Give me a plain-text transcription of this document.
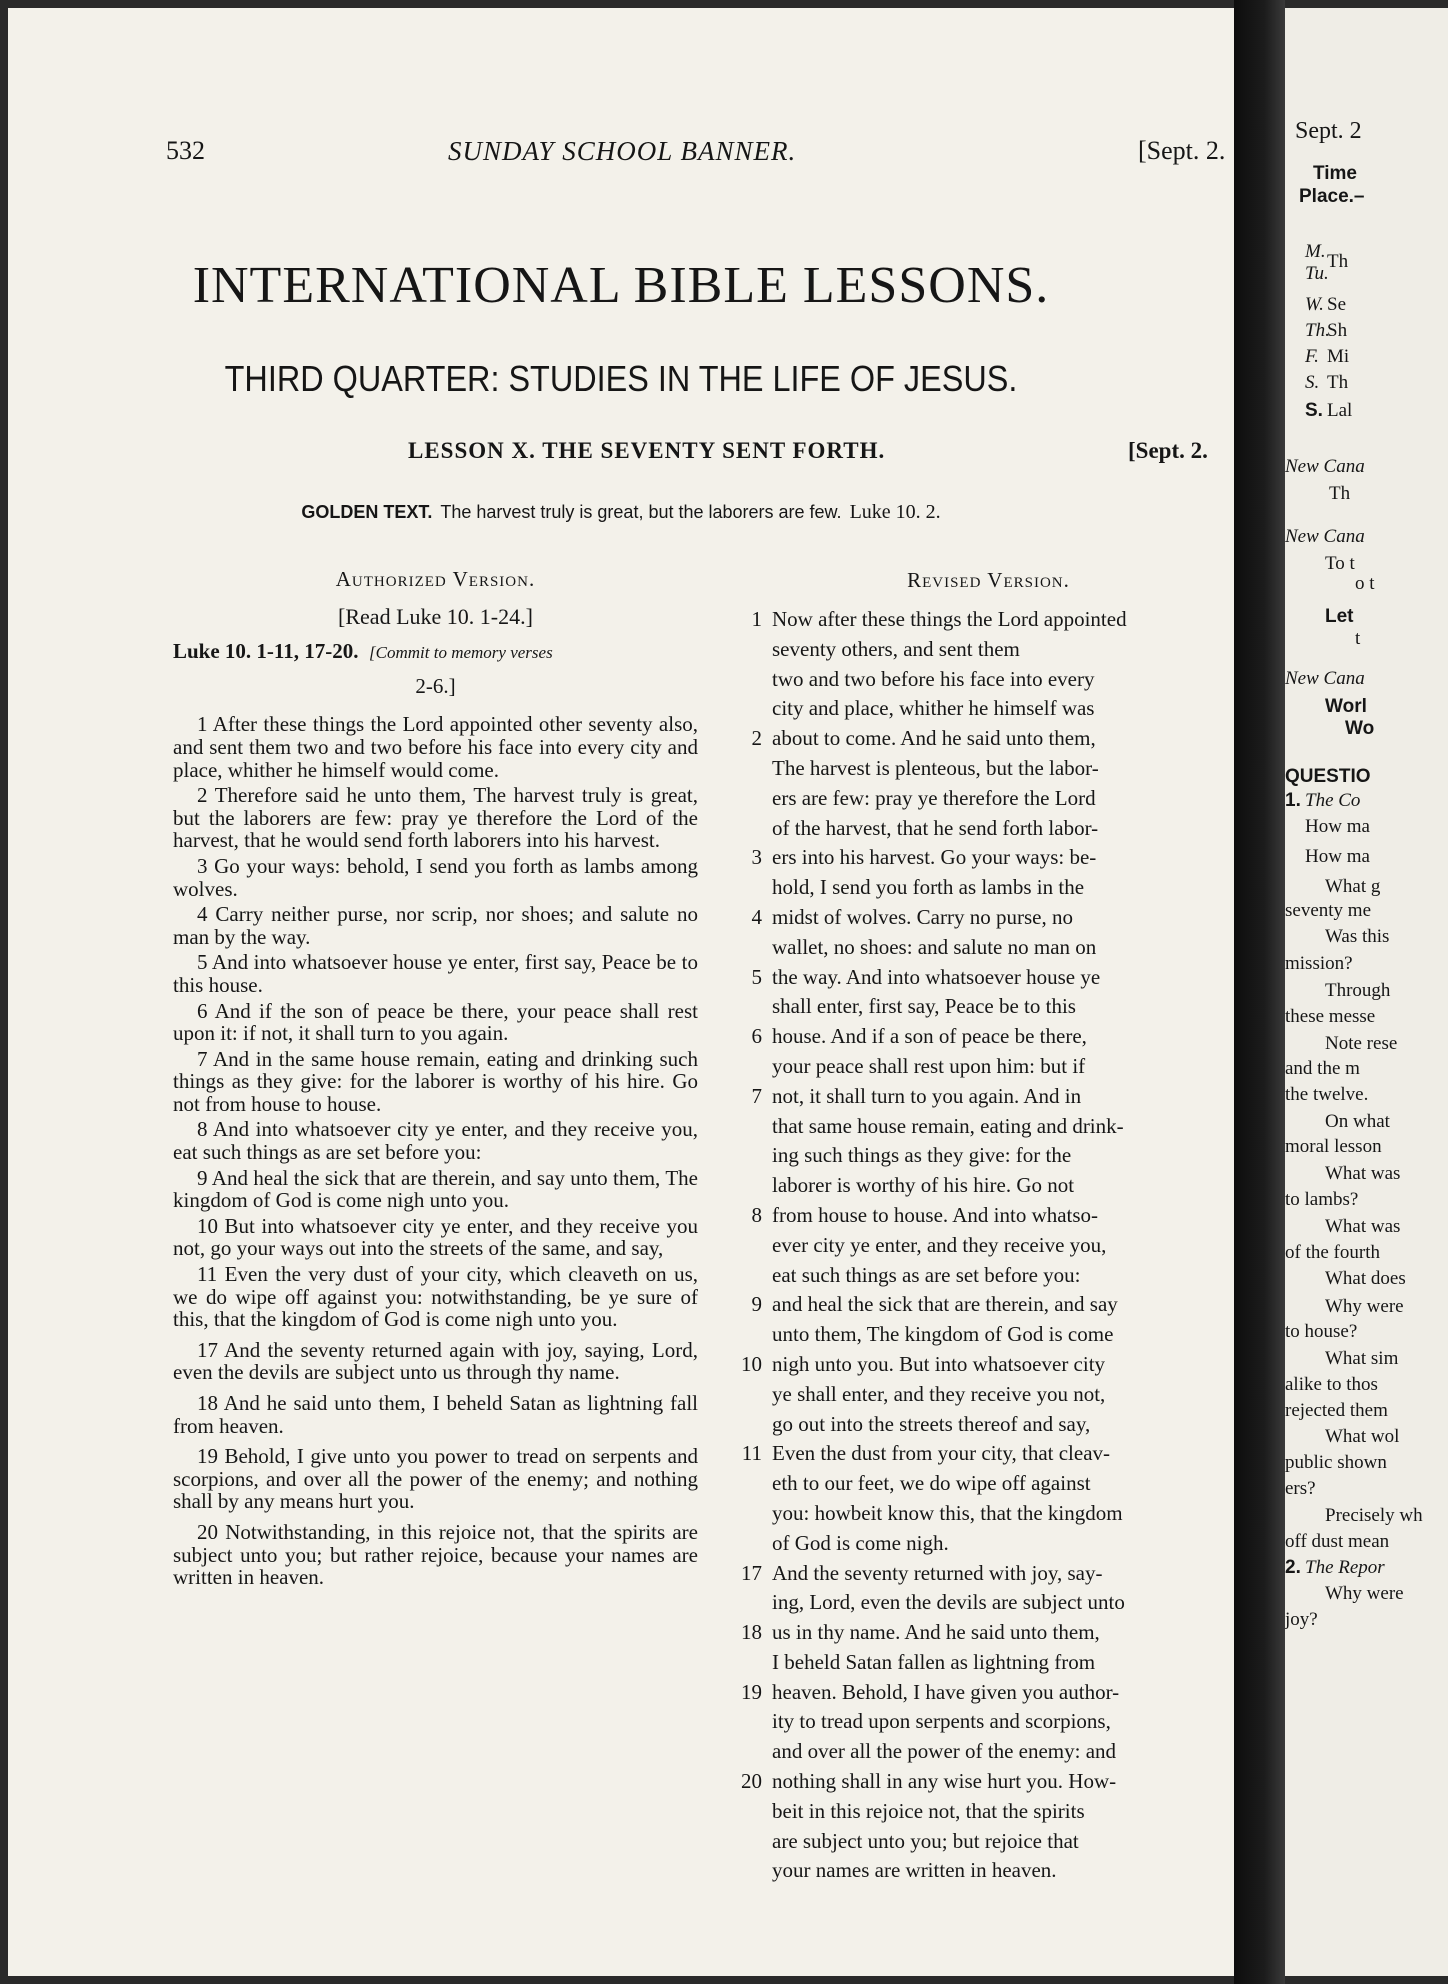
532	SUNDAY SCHOOL BANNER.	[Sept. 2.
INTERNATIONAL BIBLE LESSONS.
THIRD QUARTER: STUDIES IN THE LIFE OF JESUS.
LESSON X. THE SEVENTY SENT FORTH.	[Sept. 2.
GOLDEN TEXT. The harvest truly is great, but the laborers are few. Luke 10. 2.
Authorized Version.
[Read Luke 10. 1-24.]
Luke 10. 1-11, 17-20. [Commit to memory verses
2-6.]

1 After these things the Lord appointed other seventy also, and sent them two and two before his face into every city and place, whither he himself would come.

2 Therefore said he unto them, The harvest truly is great, but the laborers are few: pray ye therefore the Lord of the harvest, that he would send forth laborers into his harvest.

3 Go your ways: behold, I send you forth as lambs among wolves.

4 Carry neither purse, nor scrip, nor shoes; and salute no man by the way.

5 And into whatsoever house ye enter, first say, Peace be to this house.

6 And if the son of peace be there, your peace shall rest upon it: if not, it shall turn to you again.

7 And in the same house remain, eating and drinking such things as they give: for the laborer is worthy of his hire. Go not from house to house.

8 And into whatsoever city ye enter, and they receive you, eat such things as are set before you:

9 And heal the sick that are therein, and say unto them, The kingdom of God is come nigh unto you.

10 But into whatsoever city ye enter, and they receive you not, go your ways out into the streets of the same, and say,

11 Even the very dust of your city, which cleaveth on us, we do wipe off against you: notwithstanding, be ye sure of this, that the kingdom of God is come nigh unto you.

17 And the seventy returned again with joy, saying, Lord, even the devils are subject unto us through thy name.

18 And he said unto them, I beheld Satan as lightning fall from heaven.

19 Behold, I give unto you power to tread on serpents and scorpions, and over all the power of the enemy; and nothing shall by any means hurt you.

20 Notwithstanding, in this rejoice not, that the spirits are subject unto you; but rather rejoice, because your names are written in heaven.

Revised Version.
1 Now after these things the Lord appointed
seventy others, and sent them
two and two before his face into every
city and place, whither he himself was
2 about to come. And he said unto them,
The harvest is plenteous, but the labor-
ers are few: pray ye therefore the Lord
of the harvest, that he send forth labor-
3 ers into his harvest. Go your ways: be-
hold, I send you forth as lambs in the
4 midst of wolves. Carry no purse, no
wallet, no shoes: and salute no man on
5 the way. And into whatsoever house ye
shall enter, first say, Peace be to this
6 house. And if a son of peace be there,
your peace shall rest upon him: but if
7 not, it shall turn to you again. And in
that same house remain, eating and drink-
ing such things as they give: for the
laborer is worthy of his hire. Go not
8 from house to house. And into whatso-
ever city ye enter, and they receive you,
eat such things as are set before you:
9 and heal the sick that are therein, and say
unto them, The kingdom of God is come
10 nigh unto you. But into whatsoever city
ye shall enter, and they receive you not,
go out into the streets thereof and say,
11 Even the dust from your city, that cleav-
eth to our feet, we do wipe off against
you: howbeit know this, that the kingdom
of God is come nigh.
17 And the seventy returned with joy, say-
ing, Lord, even the devils are subject unto
18 us in thy name. And he said unto them,
I beheld Satan fallen as lightning from
19 heaven. Behold, I have given you author-
ity to tread upon serpents and scorpions,
and over all the power of the enemy: and
20 nothing shall in any wise hurt you. How-
beit in this rejoice not, that the spirits
are subject unto you; but rejoice that
your names are written in heaven.
Sept. 2
Time
Place.–
M.
Tu.
Th
W. Se
Th.
Sh
F. Mi
S. Th
S. Lal
New Cana
Th
New Cana
To t
o t
Let
t
New Cana
Worl
Wo
QUESTIO
1. The Co
How ma
How ma
What g
seventy me
Was this
mission?
Through
these messe
Note rese
and the m
the twelve.
On what
moral lesson
What was
to lambs?
What was
of the fourth
What does
Why were
to house?
What sim
alike to thos
rejected them
What wol
public shown
ers?
Precisely wh
off dust mean
2. The Repor
Why were
joy?
